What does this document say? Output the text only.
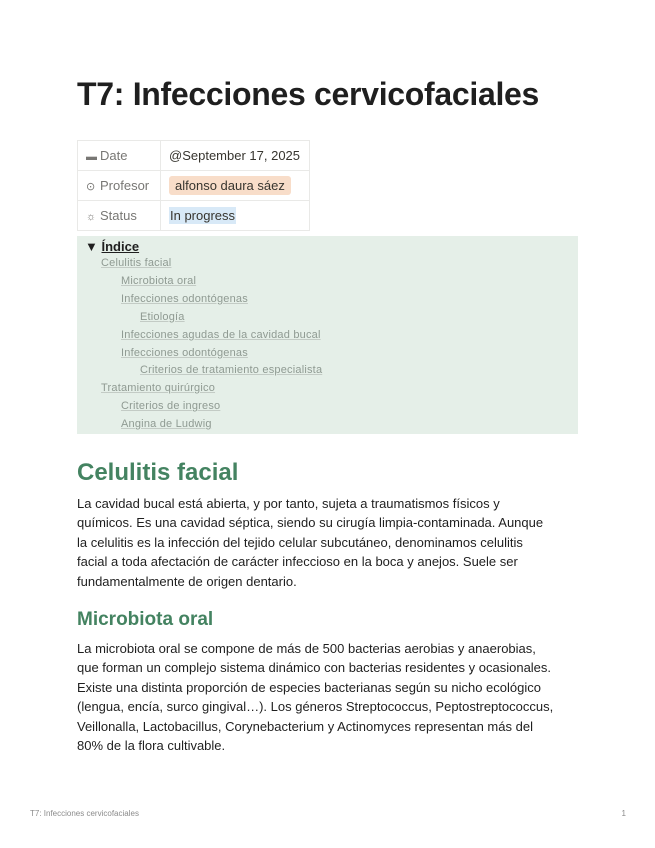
T7: Infecciones cervicofaciales
▬ Date	@September 17, 2025
⊙ Profesor	alfonso daura sáez
☼ Status	In progress
▼ Índice
Celulitis facial
Microbiota oral
Infecciones odontógenas
Etiología
Infecciones agudas de la cavidad bucal
Infecciones odontógenas
Criterios de tratamiento especialista
Tratamiento quirúrgico
Criterios de ingreso
Angina de Ludwig
Celulitis facial

La cavidad bucal está abierta, y por tanto, sujeta a traumatismos físicos y
químicos. Es una cavidad séptica, siendo su cirugía limpia-contaminada. Aunque
la celulitis es la infección del tejido celular subcutáneo, denominamos celulitis
facial a toda afectación de carácter infeccioso en la boca y anejos. Suele ser
fundamentalmente de origen dentario.

Microbiota oral

La microbiota oral se compone de más de 500 bacterias aerobias y anaerobias,
que forman un complejo sistema dinámico con bacterias residentes y ocasionales.
Existe una distinta proporción de especies bacterianas según su nicho ecológico
(lengua, encía, surco gingival…). Los géneros Streptococcus, Peptostreptococcus,
Veillonalla, Lactobacillus, Corynebacterium y Actinomyces representan más del
80% de la flora cultivable.

T7: Infecciones cervicofaciales	1
